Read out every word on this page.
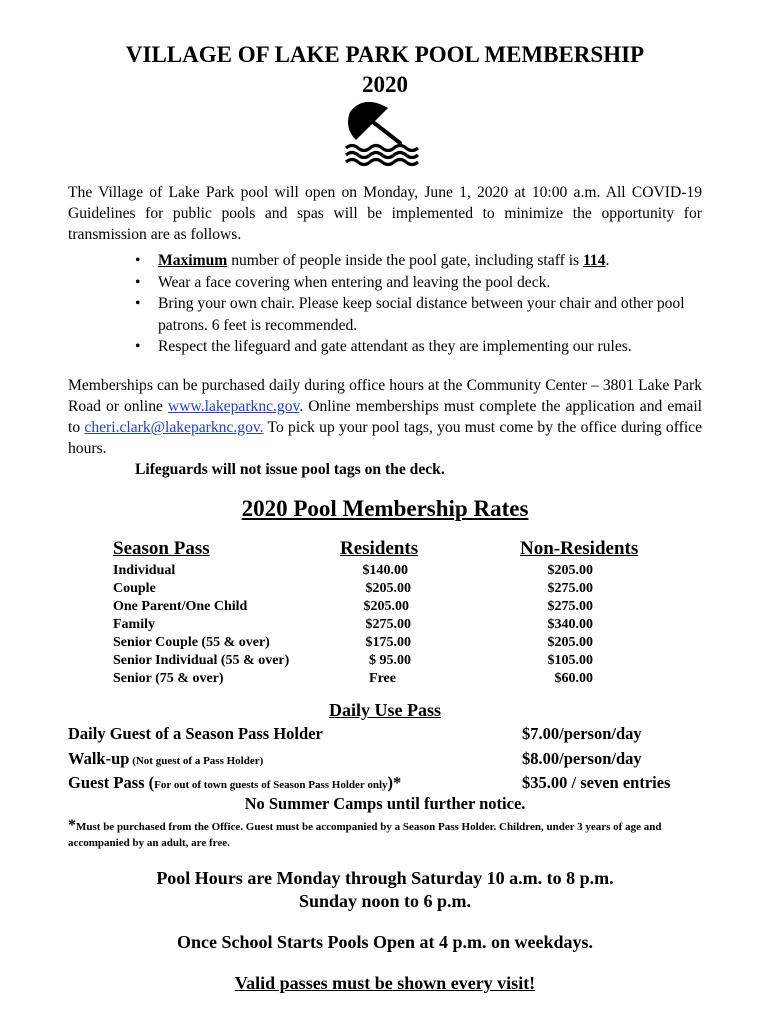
VILLAGE OF LAKE PARK POOL MEMBERSHIP
2020

The Village of Lake Park pool will open on Monday, June 1, 2020 at 10:00 a.m. All COVID-19 Guidelines for public pools and spas will be implemented to minimize the opportunity for transmission are as follows.

• Maximum number of people inside the pool gate, including staff is 114.
• Wear a face covering when entering and leaving the pool deck.
• Bring your own chair. Please keep social distance between your chair and other pool patrons. 6 feet is recommended.
• Respect the lifeguard and gate attendant as they are implementing our rules.

Memberships can be purchased daily during office hours at the Community Center – 3801 Lake Park Road or online www.lakeparknc.gov. Online memberships must complete the application and email to cheri.clark@lakeparknc.gov. To pick up your pool tags, you must come by the office during office hours.

Lifeguards will not issue pool tags on the deck.

2020 Pool Membership Rates
Season Pass	Residents	Non-Residents
Individual	$140.00	$205.00
Couple	$205.00	$275.00
One Parent/One Child	$205.00	$275.00
Family	$275.00	$340.00
Senior Couple (55 & over)	$175.00	$205.00
Senior Individual (55 & over)	$ 95.00	$105.00
Senior (75 & over)	Free	$60.00
Daily Use Pass
Daily Guest of a Season Pass Holder	$7.00/person/day
Walk-up (Not guest of a Pass Holder)	$8.00/person/day
Guest Pass (For out of town guests of Season Pass Holder only)*	$35.00 / seven entries
No Summer Camps until further notice.
*Must be purchased from the Office. Guest must be accompanied by a Season Pass Holder. Children, under 3 years of age and accompanied by an adult, are free.
Pool Hours are Monday through Saturday 10 a.m. to 8 p.m.
Sunday noon to 6 p.m.
Once School Starts Pools Open at 4 p.m. on weekdays.
Valid passes must be shown every visit!
